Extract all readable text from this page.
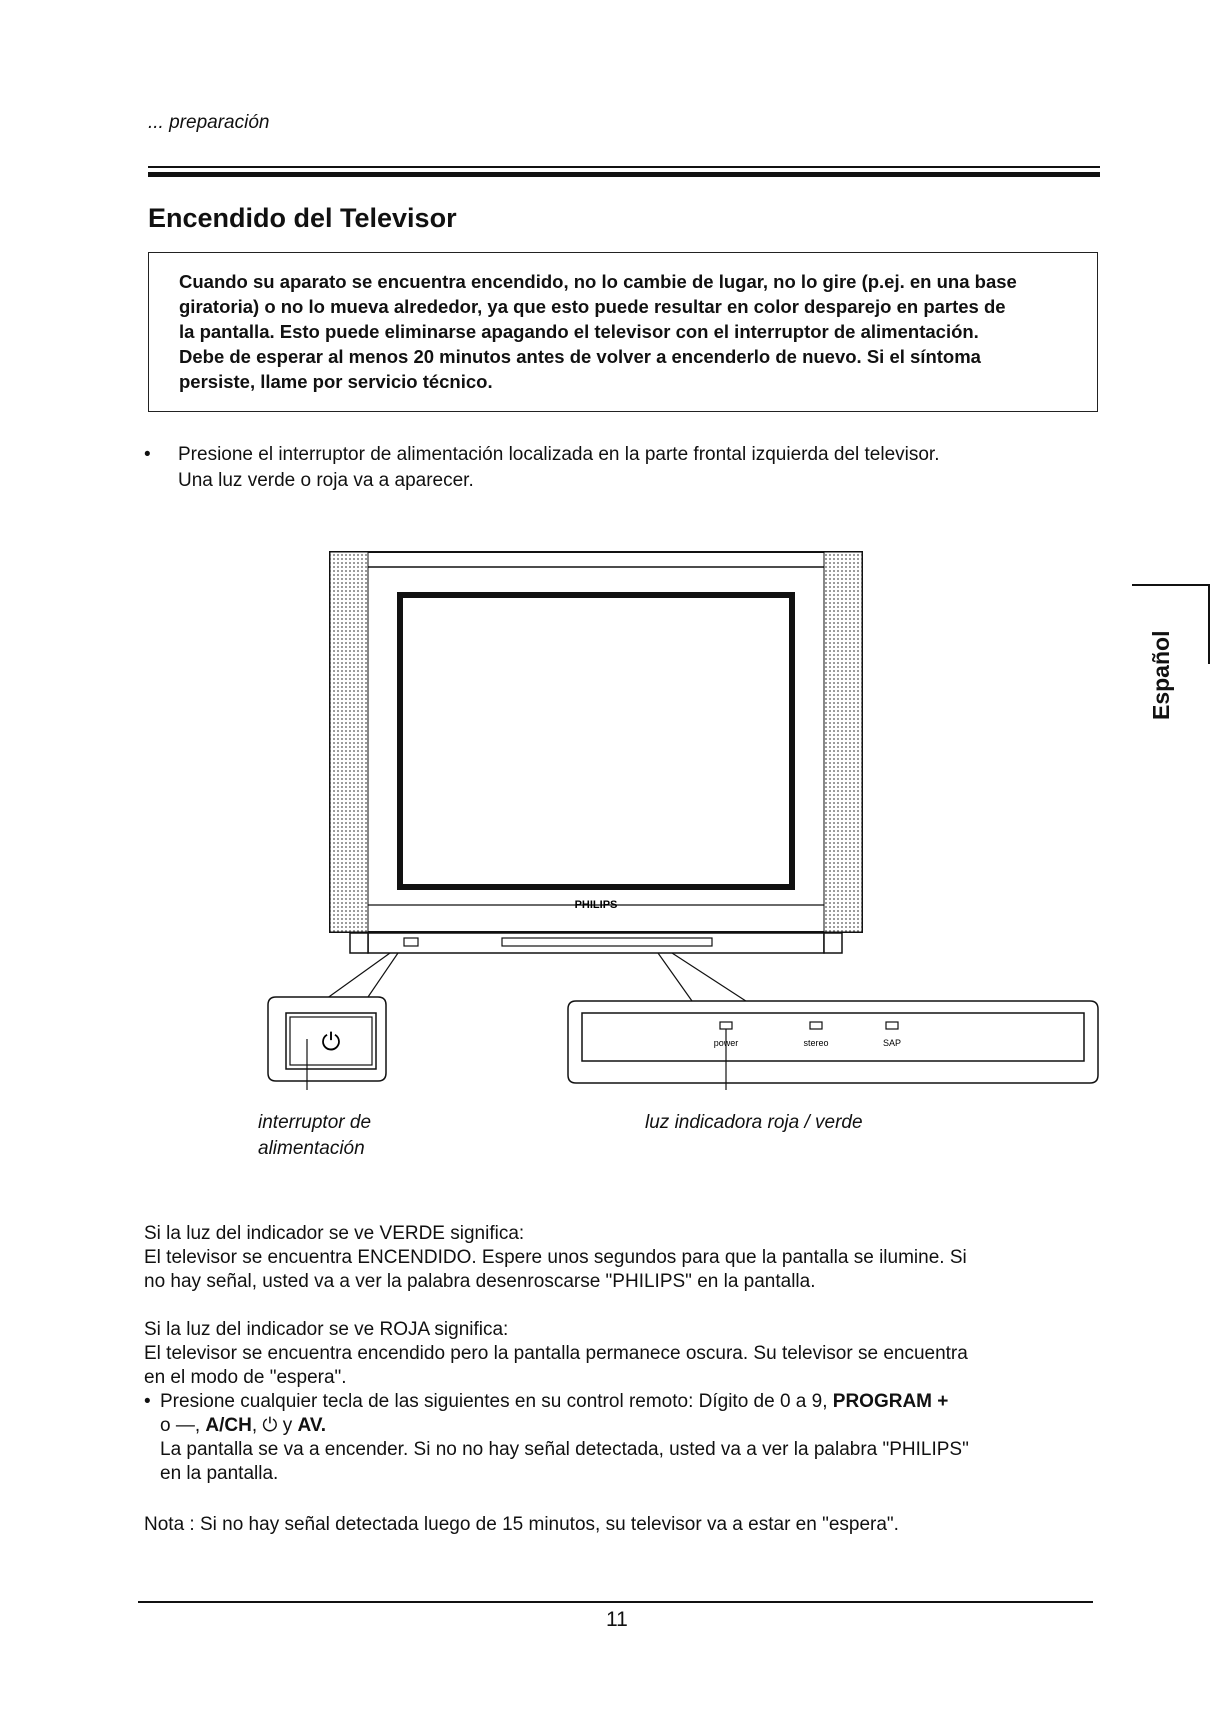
... preparación
Encendido del Televisor
Cuando su aparato se encuentra encendido, no lo cambie de lugar, no lo gire (p.ej. en una base
giratoria) o no lo mueva alrededor, ya que esto puede resultar en color desparejo en partes de
la pantalla. Esto puede eliminarse apagando el televisor con el interruptor de alimentación.
Debe de esperar al menos 20 minutos antes de volver a encenderlo de nuevo. Si el síntoma
persiste, llame por servicio técnico.
• Presione el interruptor de alimentación localizada en la parte frontal izquierda del televisor.
Una luz verde o roja va a aparecer.
PHILIPS
⏻	power	stereo	SAP
interruptor de
alimentación
luz indicadora roja / verde
Si la luz del indicador se ve VERDE significa:
El televisor se encuentra ENCENDIDO. Espere unos segundos para que la pantalla se ilumine. Si
no hay señal, usted va a ver la palabra desenroscarse "PHILIPS" en la pantalla.
Si la luz del indicador se ve ROJA significa:
El televisor se encuentra encendido pero la pantalla permanece oscura. Su televisor se encuentra
en el modo de "espera".
• Presione cualquier tecla de las siguientes en su control remoto: Dígito de 0 a 9, PROGRAM +
o —, A/CH, ⏻ y AV.
La pantalla se va a encender. Si no no hay señal detectada, usted va a ver la palabra "PHILIPS"
en la pantalla.
Nota : Si no hay señal detectada luego de 15 minutos, su televisor va a estar en "espera".
Español
11
